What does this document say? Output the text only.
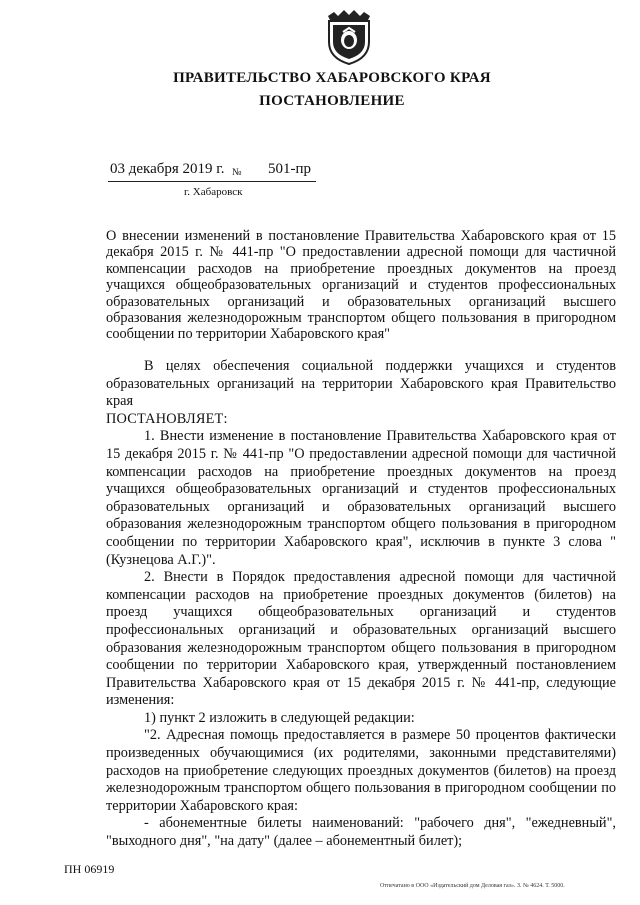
ПРАВИТЕЛЬСТВО ХАБАРОВСКОГО КРАЯ
ПОСТАНОВЛЕНИЕ
03 декабря 2019 г. № 501-пр
г. Хабаровск
О внесении изменений в постановление Правительства Хабаровского края от 15 декабря 2015 г. № 441-пр "О предоставлении адресной помощи для частичной компенсации расходов на приобретение проездных документов на проезд учащихся общеобразовательных организаций и студентов профессиональных образовательных организаций и образовательных организаций высшего образования железнодорожным транспортом общего пользования в пригородном сообщении по территории Хабаровского края"

В целях обеспечения социальной поддержки учащихся и студентов образовательных организаций на территории Хабаровского края Правительство края

ПОСТАНОВЛЯЕТ:

1. Внести изменение в постановление Правительства Хабаровского края от 15 декабря 2015 г. № 441-пр "О предоставлении адресной помощи для частичной компенсации расходов на приобретение проездных документов на проезд учащихся общеобразовательных организаций и студентов профессиональных образовательных организаций и образовательных организаций высшего образования железнодорожным транспортом общего пользования в пригородном сообщении по территории Хабаровского края", исключив в пункте 3 слова "(Кузнецова А.Г.)".

2. Внести в Порядок предоставления адресной помощи для частичной компенсации расходов на приобретение проездных документов (билетов) на проезд учащихся общеобразовательных организаций и студентов профессиональных организаций и образовательных организаций высшего образования железнодорожным транспортом общего пользования в пригородном сообщении по территории Хабаровского края, утвержденный постановлением Правительства Хабаровского края от 15 декабря 2015 г. № 441-пр, следующие изменения:

1) пункт 2 изложить в следующей редакции:

"2. Адресная помощь предоставляется в размере 50 процентов фактически произведенных обучающимися (их родителями, законными представителями) расходов на приобретение следующих проездных документов (билетов) на проезд железнодорожным транспортом общего пользования в пригородном сообщении по территории Хабаровского края:

- абонементные билеты наименований: "рабочего дня", "ежедневный", "выходного дня", "на дату" (далее – абонементный билет);

ПН 06919
Отпечатано в ООО «Издательский дом Деловая газ». З. № 4624. Т. 5000.
